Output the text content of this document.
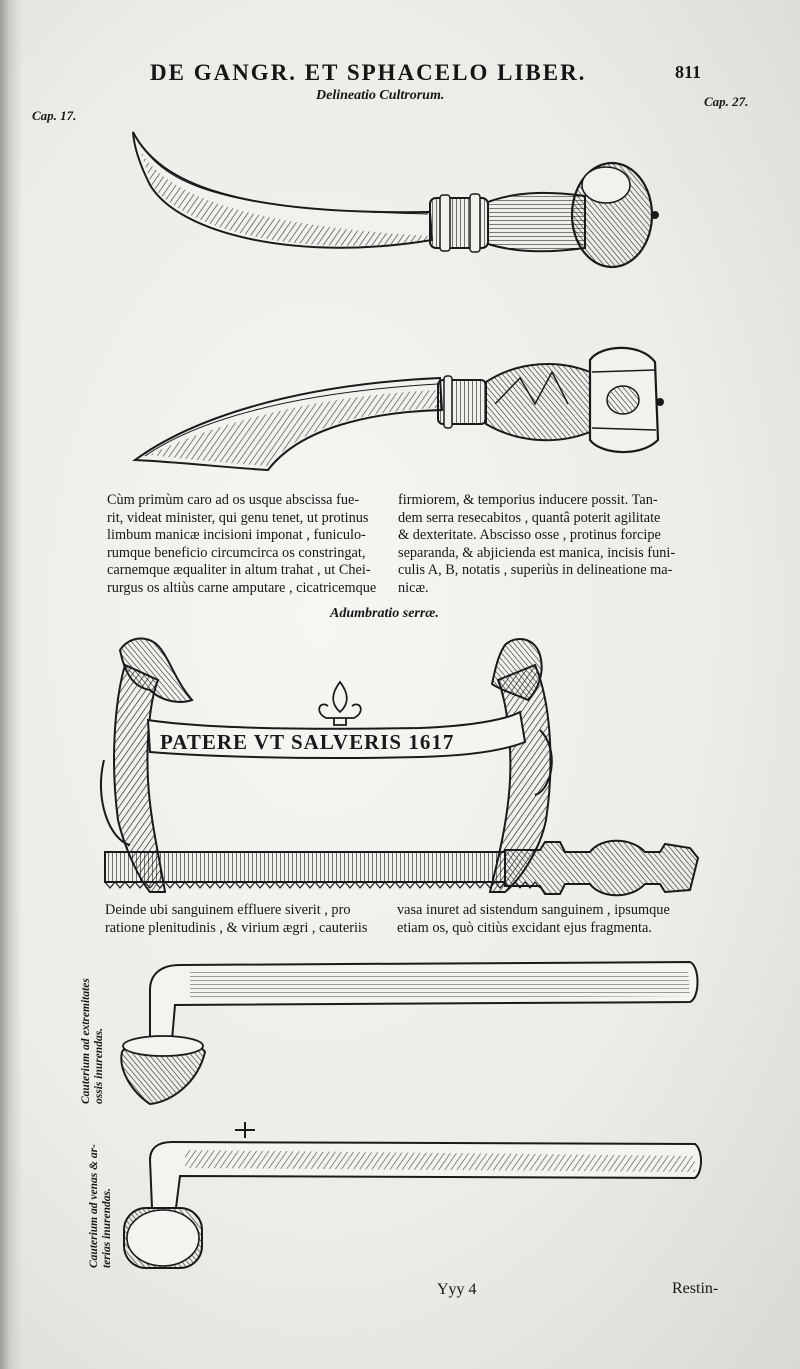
DE GANGR. ET SPHACELO LIBER.	811

Delineatio Cultrorum.

Cap. 17.

Cap. 27.

PATERE VT SALVERIS 1617
Cùm primùm caro ad os usque abscissa fue-
rit, videat minister, qui genu tenet, ut protinus
limbum manicæ incisioni imponat , funiculo-
rumque beneficio circumcirca os constringat,
carnemque æqualiter in altum trahat , ut Chei-
rurgus os altiùs carne amputare , cicatricemque
firmiorem, & temporius inducere possit. Tan-
dem serra resecabitos , quantâ poterit agilitate
& dexteritate. Abscisso osse , protinus forcipe
separanda, & abjicienda est manica, incisis funi-
culis A, B, notatis , superiùs in delineatione ma-
nicæ.

Adumbratio serræ.

Deinde ubi sanguinem effluere siverit , pro
ratione plenitudinis , & virium ægri , cauteriis
vasa inuret ad sistendum sanguinem , ipsumque
etiam os, quò citiùs excidant ejus fragmenta.
Cauterium ad extremitates ossis inurendas.
Cauterium ad venas & ar- terias inurendas.

Yyy 4	Restin-
